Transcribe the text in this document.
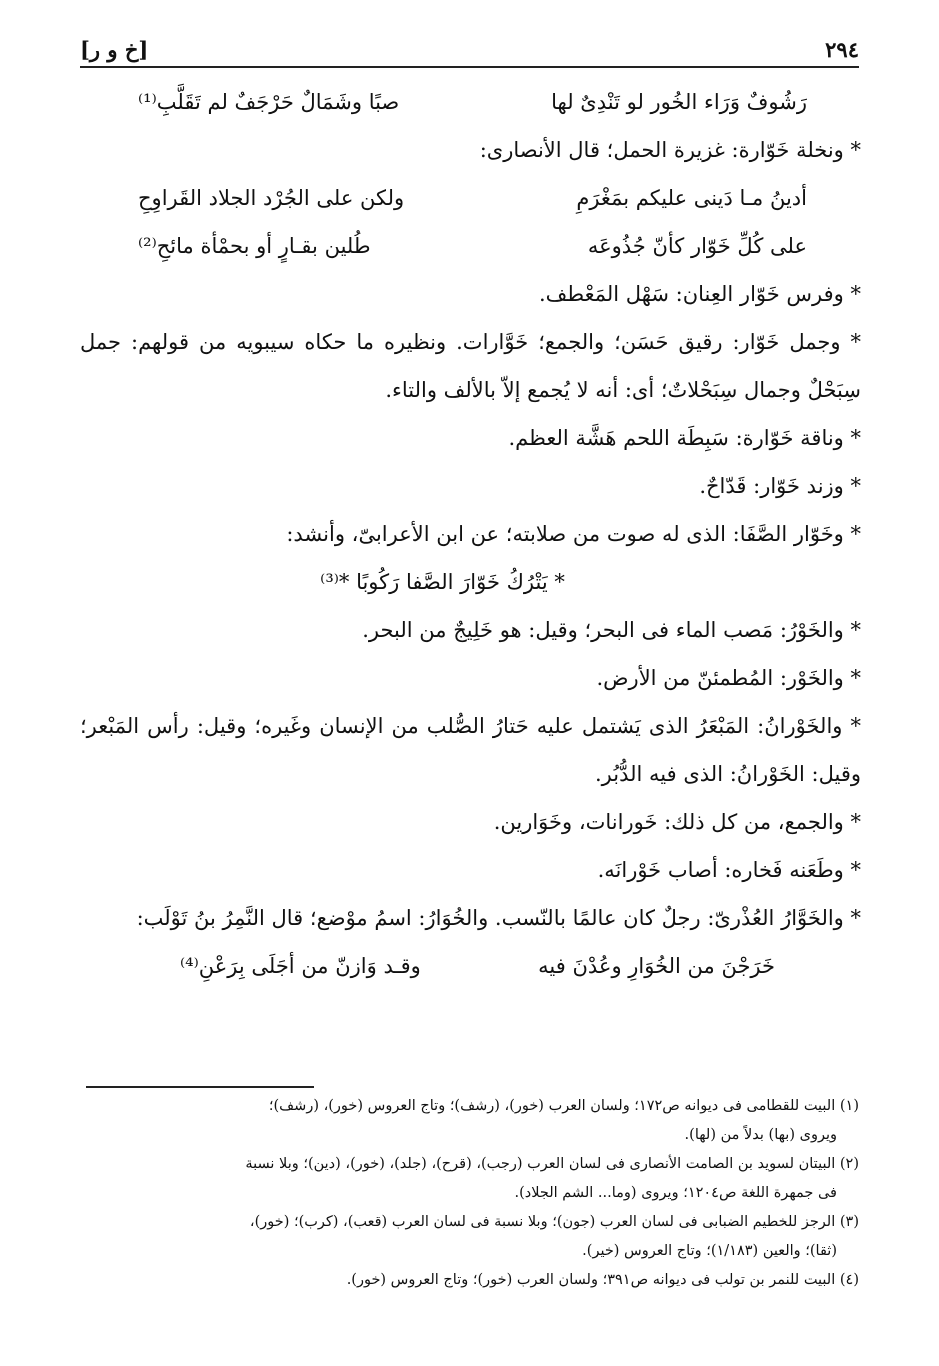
٢٩٤
[خ و ر]
رَشُوفٌ وَرَاء الخُور لو تَنْدِىٌ لها
صبًا وشَمَالٌ حَرْجَفٌ لم تَقَلَّبِ⁽¹⁾

* ونخلة خَوّارة: غزيرة الحمل؛ قال الأنصارى:

أدينُ مـا دَينى عليكم بمَغْرَمِ
ولكن على الجُرْد الجلاد القَراوِحِ
على كُلِّ خَوّار كأنّ جُذُوعَه
طُلين بقـارٍ أو بحمْأة مائحِ⁽²⁾

* وفرس خَوّار العِنان: سَهْل المَعْطف.

* وجمل خَوّار: رقيق حَسَن؛ والجمع؛ خَوَّارات. ونظيره ما حكاه سيبويه من قولهم: جمل سِبَحْلٌ وجمال سِبَحْلاتٌ؛ أى: أنه لا يُجمع إلاّ بالألف والتاء.

* وناقة خَوّارة: سَبِطَة اللحم هَشَّة العظم.

* وزند خَوّار: قَدّاحٌ.

* وخَوّار الصَّفَا: الذى له صوت من صلابته؛ عن ابن الأعرابىّ، وأنشد:

* يَتْرُكُ خَوّارَ الصَّفا رَكُوبًا *⁽³⁾

* والخَوْرُ: مَصب الماء فى البحر؛ وقيل: هو خَلِيجٌ من البحر.

* والخَوْر: المُطمئنّ من الأرض.

* والخَوْرانُ: المَبْعَرُ الذى يَشتمل عليه حَتارُ الصُّلب من الإنسان وغَيره؛ وقيل: رأس المَبْعر؛ وقيل: الخَوْرانُ: الذى فيه الدُّبُر.

* والجمع، من كل ذلك: خَورانات، وخَوَارين.

* وطَعَنه فَخاره: أصاب خَوْرانَه.

* والخَوَّارُ العُذْرىّ: رجلٌ كان عالمًا بالنّسب. والخُوَارُ: اسمُ موْضع؛ قال النَّمِرُ بنُ تَوْلَب:

خَرَجْنَ من الخُوَارِ وعُدْنَ فيه
وقـد وَازنّ من أجَلَى بِرَعْنِ⁽⁴⁾

(١) البيت للقطامى فى ديوانه ص١٧٢؛ ولسان العرب (خور)، (رشف)؛ وتاج العروس (خور)، (رشف)؛
ويروى (بها) بدلاً من (لها).

(٢) البيتان لسويد بن الصامت الأنصارى فى لسان العرب (رجب)، (قرح)، (جلد)، (خور)، (دين)؛ وبلا نسبة
فى جمهرة اللغة ص١٢٠٤؛ ويروى (وما... الشم الجلاد).

(٣) الرجز للخطيم الضبابى فى لسان العرب (جون)؛ وبلا نسبة فى لسان العرب (قعب)، (كرب)؛ (خور)،
(ثقا)؛ والعين (١/١٨٣)؛ وتاج العروس (خير).

(٤) البيت للنمر بن تولب فى ديوانه ص٣٩١؛ ولسان العرب (خور)؛ وتاج العروس (خور).
